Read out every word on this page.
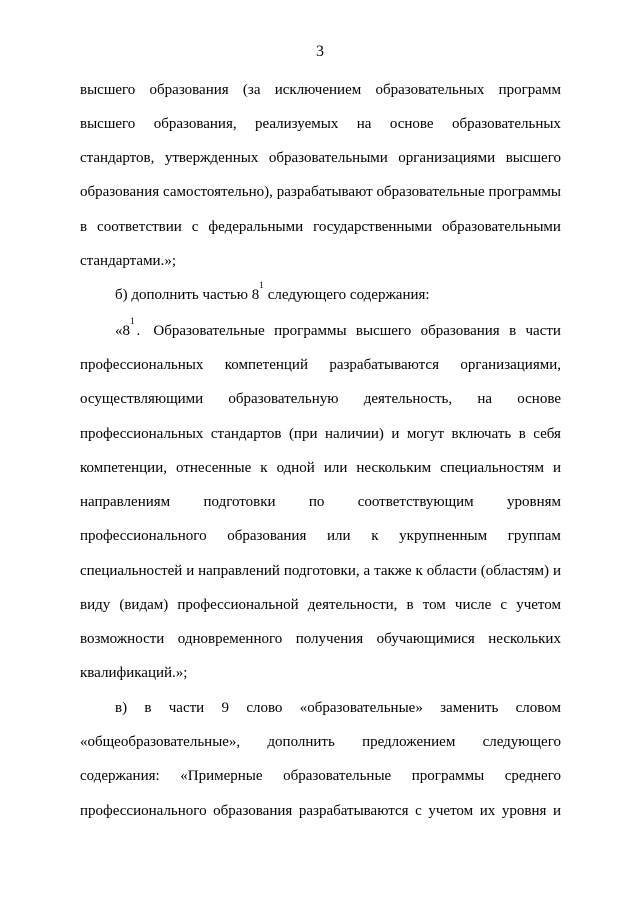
3
высшего образования (за исключением образовательных программ
высшего образования, реализуемых на основе образовательных
стандартов, утвержденных образовательными организациями высшего
образования самостоятельно), разрабатывают образовательные программы
в соответствии с федеральными государственными образовательными
стандартами.»;
б) дополнить частью 8
1
следующего содержания:
«8
1
. Образовательные программы высшего образования в части
профессиональных компетенций разрабатываются организациями,
осуществляющими образовательную деятельность, на основе
профессиональных стандартов (при наличии) и могут включать в себя
компетенции, отнесенные к одной или нескольким специальностям и
направлениям подготовки по соответствующим уровням
профессионального образования или к укрупненным группам
специальностей и направлений подготовки, а также к области (областям) и
виду (видам) профессиональной деятельности, в том числе с учетом
возможности одновременного получения обучающимися нескольких
квалификаций.»;
в) в части 9 слово «образовательные» заменить словом
«общеобразовательные», дополнить предложением следующего
содержания: «Примерные образовательные программы среднего
профессионального образования разрабатываются с учетом их уровня и
